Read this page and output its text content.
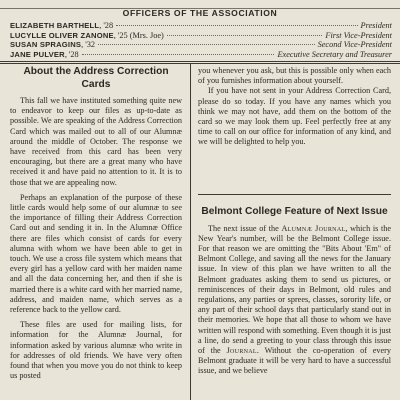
OFFICERS OF THE ASSOCIATION
ELIZABETH BARTHELL , '28	President
LUCYLLE OLIVER ZANONE , '25 (Mrs. Joe)	First Vice-President
SUSAN SPRAGINS , '32	Second Vice-President
JANE PULVER , '28	Executive Secretary and Treasurer
About the Address Correction Cards

This fall we have instituted something quite new to endeavor to keep our files as up-to-date as possible. We are speaking of the Address Correction Card which was mailed out to all of our Alumnæ around the middle of October. The response we have received from this card has been very encouraging, but there are a great many who have received it and have paid no attention to it. It is to those that we are appealing now.

Perhaps an explanation of the purpose of these little cards would help some of our alumnæ to see the importance of filling their Address Correction Card out and sending it in. In the Alumnæ Office there are files which consist of cards for every alumna with whom we have been able to get in touch. We use a cross file system which means that every girl has a yellow card with her maiden name and all the data concerning her, and then if she is married there is a white card with her married name, address, and maiden name, which serves as a reference back to the yellow card.

These files are used for mailing lists, for information for the Alumnæ Journal, for information asked by various alumnæ who write in for addresses of old friends. We have very often found that when you move you do not think to keep us posted

you whenever you ask, but this is possible only when each of you furnishes information about yourself.

If you have not sent in your Address Correction Card, please do so today. If you have any names which you think we may not have, add them on the bottom of the card so we may look them up. Feel perfectly free at any time to call on our office for information of any kind, and we will be delighted to help you.

Belmont College Feature of Next Issue

The next issue of the Alumnæ Journal, which is the New Year's number, will be the Belmont College issue. For that reason we are omitting the "Bits About 'Em" of Belmont College, and saving all the news for the January issue. In view of this plan we have written to all the Belmont graduates asking them to send us pictures, or reminiscences of their days in Belmont, old rules and regulations, any parties or sprees, classes, sorority life, or any part of their school days that particularly stand out in their memories. We hope that all those to whom we have written will respond with something. Even though it is just a line, do send a greeting to your class through this issue of the Journal. Without the co-operation of every Belmont graduate it will be very hard to have a successful issue, and we believe
